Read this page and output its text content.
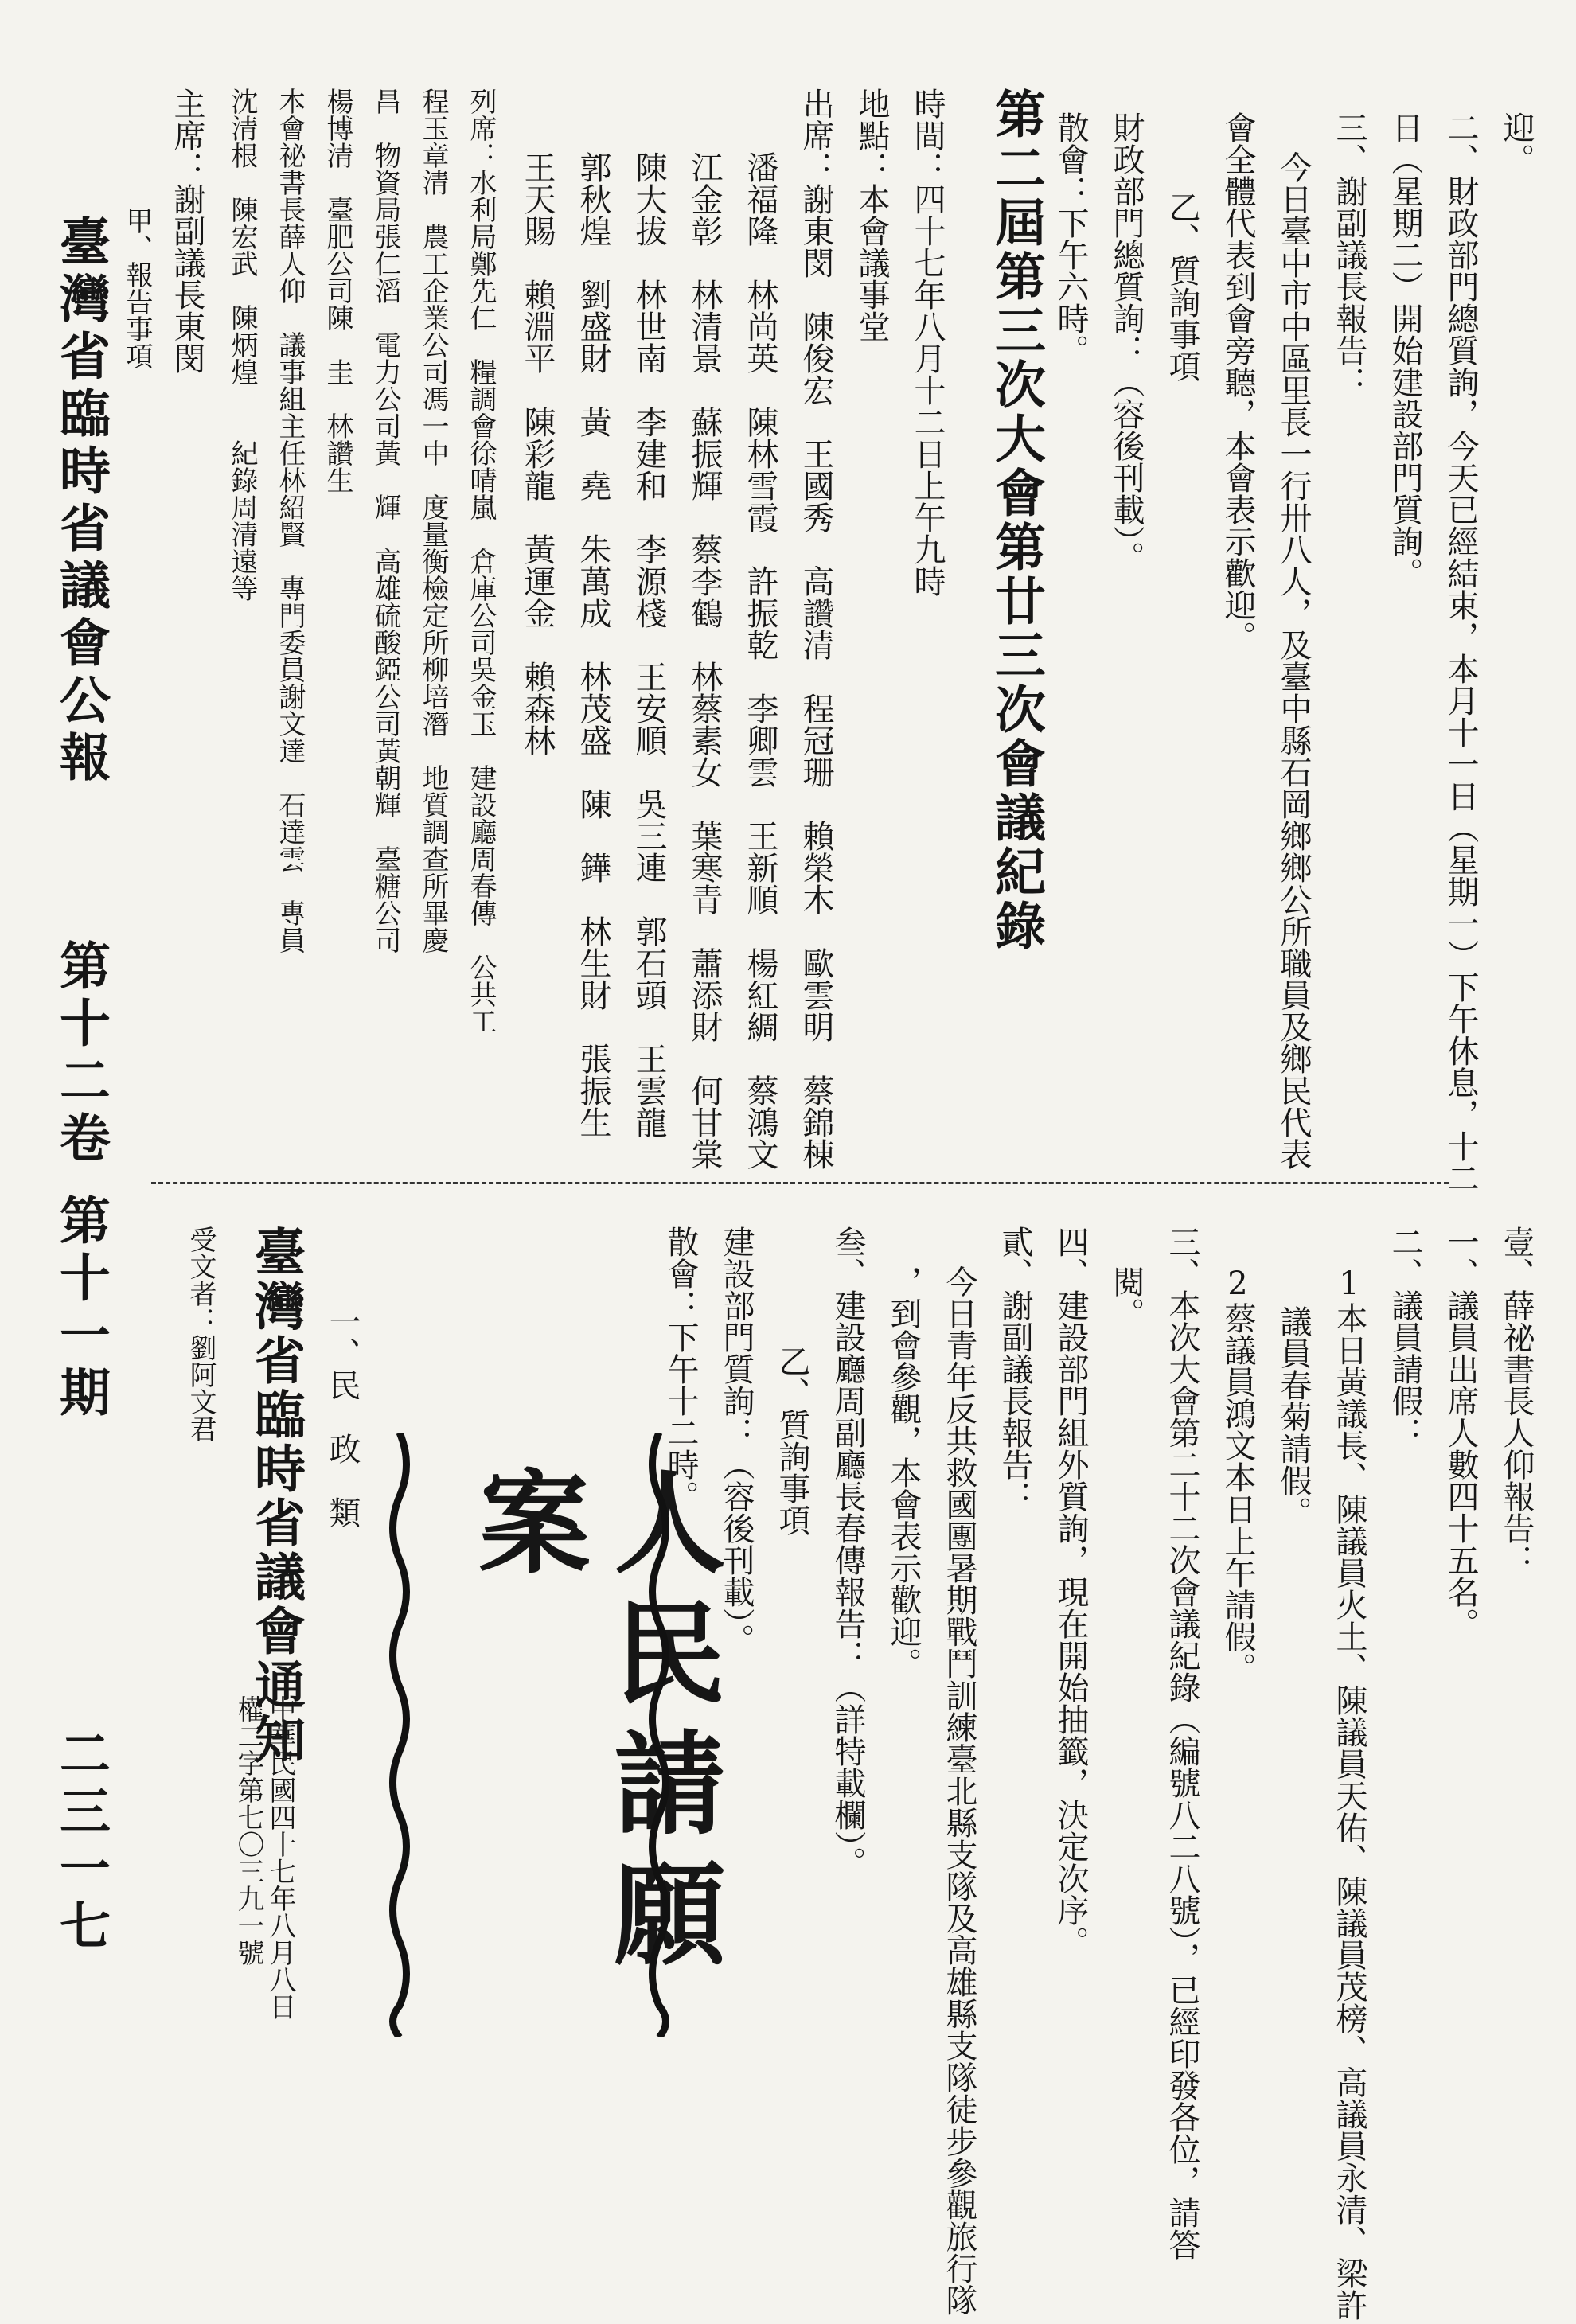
臺灣省臨時省議會公報
第十二卷
第十一期
二三一七
迎。
二、財政部門總質詢，今天已經結束，本月十一日（星期一）下午休息，十二
日（星期二）開始建設部門質詢。
三、謝副議長報告：
今日臺中市中區里長一行卅八人，及臺中縣石岡鄉鄉公所職員及鄉民代表
會全體代表到會旁聽，本會表示歡迎。
乙、質詢事項
財政部門總質詢：（容後刊載）。
散會：下午六時。
第二屆第三次大會第廿三次會議紀錄
時間：四十七年八月十二日上午九時
地點：本會議事堂
出席：謝東閔　陳俊宏　王國秀　高讚清　程冠珊　賴榮木　歐雲明　蔡錦棟
潘福隆　林尚英　陳林雪霞　許振乾　李卿雲　王新順　楊紅綢　蔡鴻文
江金彰　林清景　蘇振輝　蔡李鶴　林蔡素女　葉寒青　蕭添財　何甘棠
陳大拔　林世南　李建和　李源棧　王安順　吳三連　郭石頭　王雲龍
郭秋煌　劉盛財　黃　堯　朱萬成　林茂盛　陳　鏵　林生財　張振生
王天賜　賴淵平　陳彩龍　黃運金　賴森林
列席：水利局鄭先仁　糧調會徐晴嵐　倉庫公司吳金玉　建設廳周春傳　公共工
程玉章清　農工企業公司馮一中　度量衡檢定所柳培潛　地質調查所畢慶
昌　物資局張仁滔　電力公司黃　輝　高雄硫酸錏公司黃朝輝　臺糖公司
楊博清　臺肥公司陳　圭　林讚生
本會祕書長薛人仰　議事組主任林紹賢　專門委員謝文達　石達雲　專員
沈清根　陳宏武　陳炳煌　　紀錄周清遠等
主席：謝副議長東閔
甲、報告事項
壹、薛祕書長人仰報告：
一、議員出席人數四十五名。
二、議員請假：
1本日黃議長、陳議員火土、陳議員天佑、陳議員茂榜、高議員永清、梁許
議員春菊請假。
2蔡議員鴻文本日上午請假。
三、本次大會第二十二次會議紀錄（編號八二八號），已經印發各位，請答
閱。
四、建設部門組外質詢，現在開始抽籤，決定次序。
貳、謝副議長報告：
今日青年反共救國團暑期戰鬥訓練臺北縣支隊及高雄縣支隊徒步參觀旅行隊
，到會參觀，本會表示歡迎。
叁、建設廳周副廳長春傳報告：（詳特載欄）。
乙、質詢事項
建設部門質詢：（容後刊載）。
散會：下午十二時。
人民請願案
一、民　政　類
臺灣省臨時省議會通知
中華民國四十七年八月八日
權二字第七〇三九一號
受文者：劉阿文君
